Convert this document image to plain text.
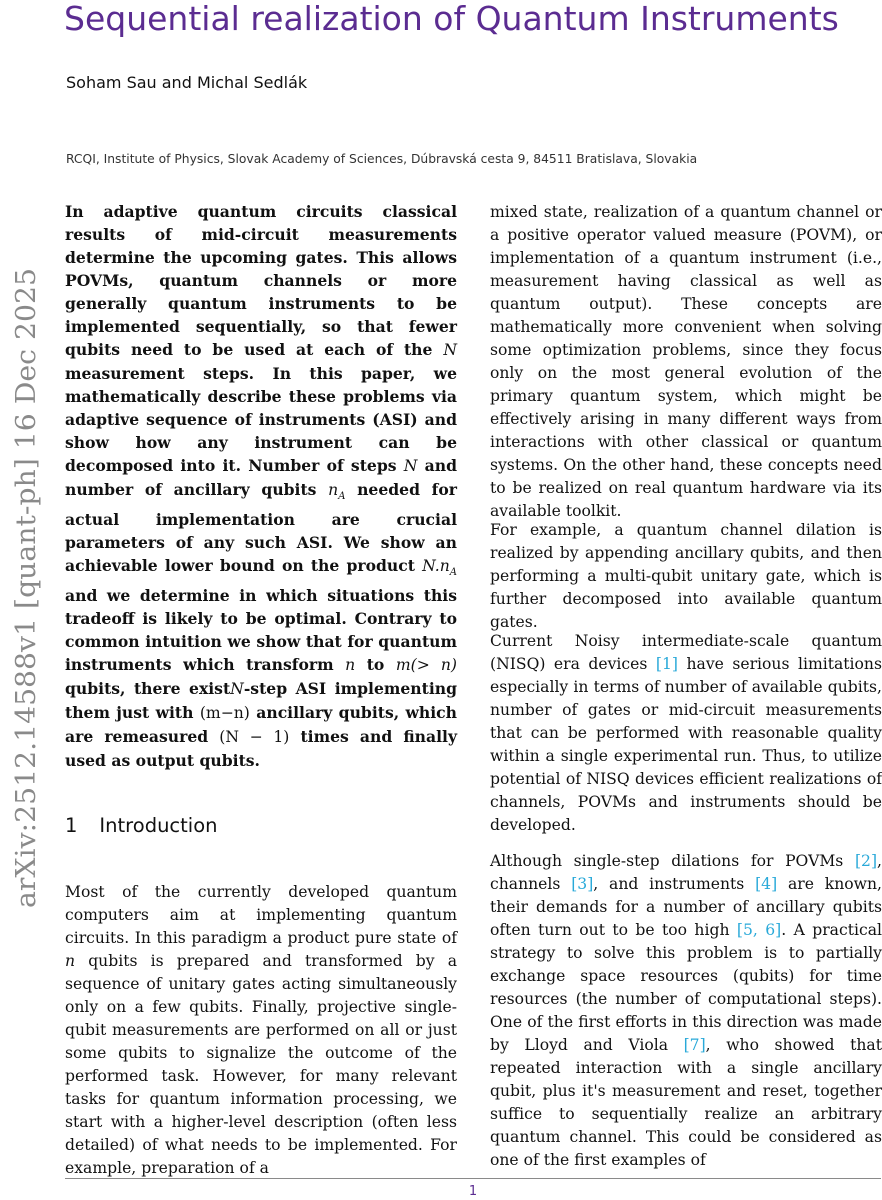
Sequential realization of Quantum Instruments
Soham Sau and Michal Sedlák
RCQI, Institute of Physics, Slovak Academy of Sciences, Dúbravská cesta 9, 84511 Bratislava, Slovakia
arXiv:2512.14588v1 [quant-ph] 16 Dec 2025

In adaptive quantum circuits classical results of mid-circuit measurements determine the upcoming gates. This allows POVMs, quantum channels or more generally quantum instruments to be implemented sequentially, so that fewer qubits need to be used at each of the N measurement steps. In this paper, we mathematically describe these problems via adaptive sequence of instruments (ASI) and show how any instrument can be decomposed into it. Number of steps N and number of ancillary qubits $n_A$ needed for actual implementation are crucial parameters of any such ASI. We show an achievable lower bound on the product $N.n_A$ and we determine in which situations this tradeoff is likely to be optimal. Contrary to common intuition we show that for quantum instruments which transform n to m(> n) qubits, there existN-step ASI implementing them just with (m−n) ancillary qubits, which are remeasured (N − 1) times and finally used as output qubits.

1 Introduction

Most of the currently developed quantum computers aim at implementing quantum circuits. In this paradigm a product pure state of n qubits is prepared and transformed by a sequence of unitary gates acting simultaneously only on a few qubits. Finally, projective single-qubit measurements are performed on all or just some qubits to signalize the outcome of the performed task. However, for many relevant tasks for quantum information processing, we start with a higher-level description (often less detailed) of what needs to be implemented. For example, preparation of a

mixed state, realization of a quantum channel or a positive operator valued measure (POVM), or implementation of a quantum instrument (i.e., measurement having classical as well as quantum output). These concepts are mathematically more convenient when solving some optimization problems, since they focus only on the most general evolution of the primary quantum system, which might be effectively arising in many different ways from interactions with other classical or quantum systems. On the other hand, these concepts need to be realized on real quantum hardware via its available toolkit.

For example, a quantum channel dilation is realized by appending ancillary qubits, and then performing a multi-qubit unitary gate, which is further decomposed into available quantum gates.

Current Noisy intermediate-scale quantum (NISQ) era devices [1] have serious limitations especially in terms of number of available qubits, number of gates or mid-circuit measurements that can be performed with reasonable quality within a single experimental run. Thus, to utilize potential of NISQ devices efficient realizations of channels, POVMs and instruments should be developed.

Although single-step dilations for POVMs [2], channels [3], and instruments [4] are known, their demands for a number of ancillary qubits often turn out to be too high [5, 6]. A practical strategy to solve this problem is to partially exchange space resources (qubits) for time resources (the number of computational steps). One of the first efforts in this direction was made by Lloyd and Viola [7], who showed that repeated interaction with a single ancillary qubit, plus it's measurement and reset, together suffice to sequentially realize an arbitrary quantum channel. This could be considered as one of the first examples of

1
